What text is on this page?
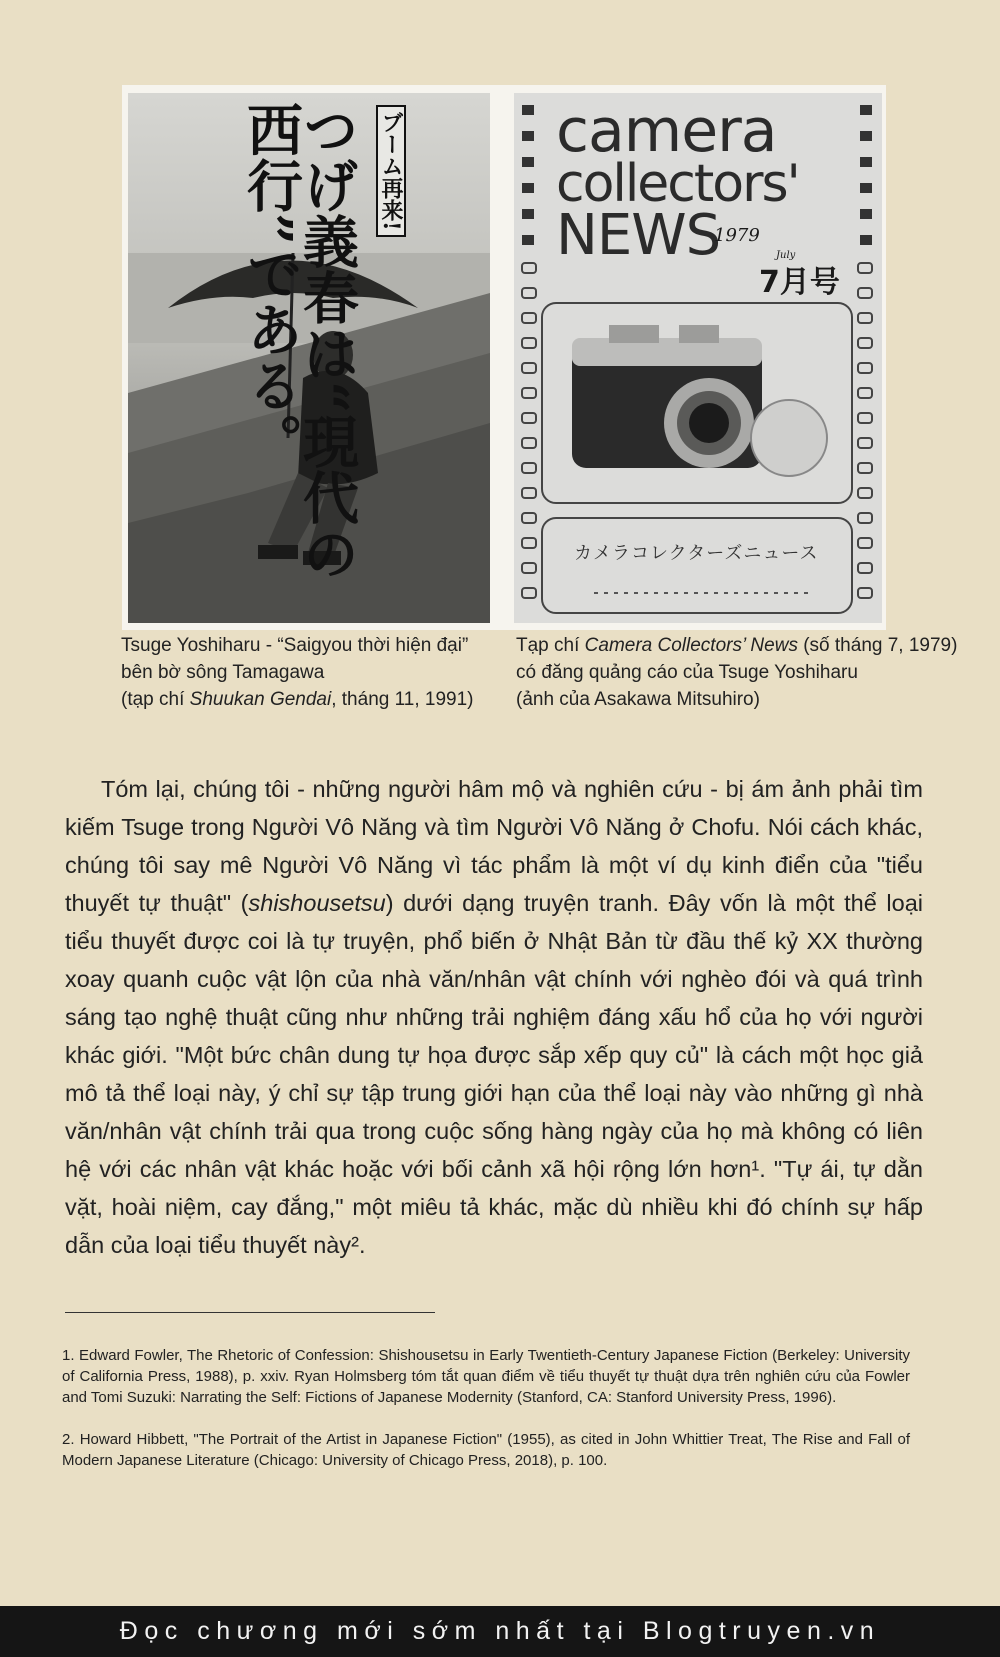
つげ義春は“現代の西行”である。	ブーム再来!	camera
collectors'
NEWS
1979
July
7月号
カメラコレクターズニュース
Tsuge Yoshiharu - “Saigyou thời hiện đại”
bên bờ sông Tamagawa
(tạp chí Shuukan Gendai, tháng 11, 1991)
Tạp chí Camera Collectors’ News (số tháng 7, 1979)
có đăng quảng cáo của Tsuge Yoshiharu
(ảnh của Asakawa Mitsuhiro)

Tóm lại, chúng tôi - những người hâm mộ và nghiên cứu - bị ám ảnh phải tìm kiếm Tsuge trong Người Vô Năng và tìm Người Vô Năng ở Chofu. Nói cách khác, chúng tôi say mê Người Vô Năng vì tác phẩm là một ví dụ kinh điển của "tiểu thuyết tự thuật" (shishousetsu) dưới dạng truyện tranh. Đây vốn là một thể loại tiểu thuyết được coi là tự truyện, phổ biến ở Nhật Bản từ đầu thế kỷ XX thường xoay quanh cuộc vật lộn của nhà văn/nhân vật chính với nghèo đói và quá trình sáng tạo nghệ thuật cũng như những trải nghiệm đáng xấu hổ của họ với người khác giới. "Một bức chân dung tự họa được sắp xếp quy củ" là cách một học giả mô tả thể loại này, ý chỉ sự tập trung giới hạn của thể loại này vào những gì nhà văn/nhân vật chính trải qua trong cuộc sống hàng ngày của họ mà không có liên hệ với các nhân vật khác hoặc với bối cảnh xã hội rộng lớn hơn¹. "Tự ái, tự dằn vặt, hoài niệm, cay đắng," một miêu tả khác, mặc dù nhiều khi đó chính sự hấp dẫn của loại tiểu thuyết này².

1. Edward Fowler, The Rhetoric of Confession: Shishousetsu in Early Twentieth-Century Japanese Fiction (Berkeley: University of California Press, 1988), p. xxiv. Ryan Holmsberg tóm tắt quan điểm về tiểu thuyết tự thuật dựa trên nghiên cứu của Fowler and Tomi Suzuki: Narrating the Self: Fictions of Japanese Modernity (Stanford, CA: Stanford University Press, 1996).

2. Howard Hibbett, "The Portrait of the Artist in Japanese Fiction" (1955), as cited in John Whittier Treat, The Rise and Fall of Modern Japanese Literature (Chicago: University of Chicago Press, 2018), p. 100.

Đọc chương mới sớm nhất tại Blogtruyen.vn
